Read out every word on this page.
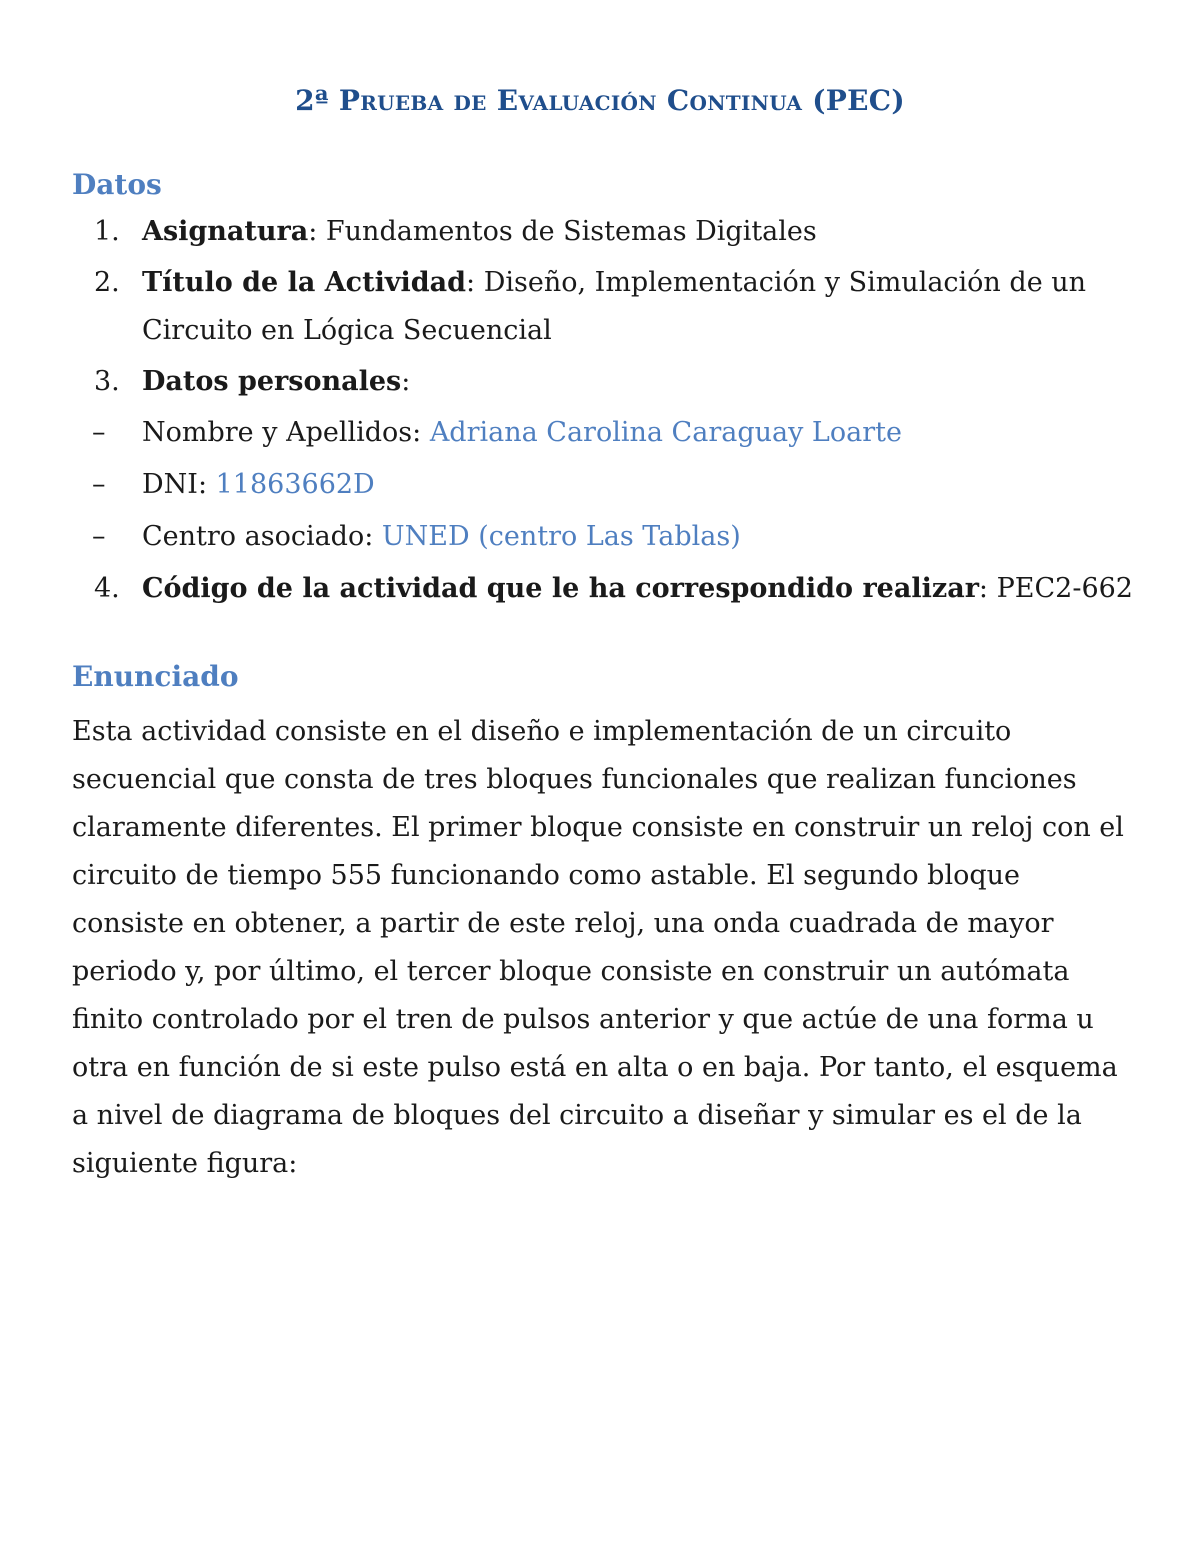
2ª Prueba de Evaluación Continua (PEC)
Datos
1. Asignatura: Fundamentos de Sistemas Digitales
2. Título de la Actividad: Diseño, Implementación y Simulación de un Circuito en Lógica Secuencial
3. Datos personales:
–	Nombre y Apellidos: Adriana Carolina Caraguay Loarte
–	DNI: 11863662D
–	Centro asociado: UNED (centro Las Tablas)
4. Código de la actividad que le ha correspondido realizar: PEC2-662
Enunciado

Esta actividad consiste en el diseño e implementación de un circuito secuencial que consta de tres bloques funcionales que realizan funciones claramente diferentes. El primer bloque consiste en construir un reloj con el circuito de tiempo 555 funcionando como astable. El segundo bloque consiste en obtener, a partir de este reloj, una onda cuadrada de mayor periodo y, por último, el tercer bloque consiste en construir un autómata finito controlado por el tren de pulsos anterior y que actúe de una forma u otra en función de si este pulso está en alta o en baja. Por tanto, el esquema a nivel de diagrama de bloques del circuito a diseñar y simular es el de la siguiente figura:
